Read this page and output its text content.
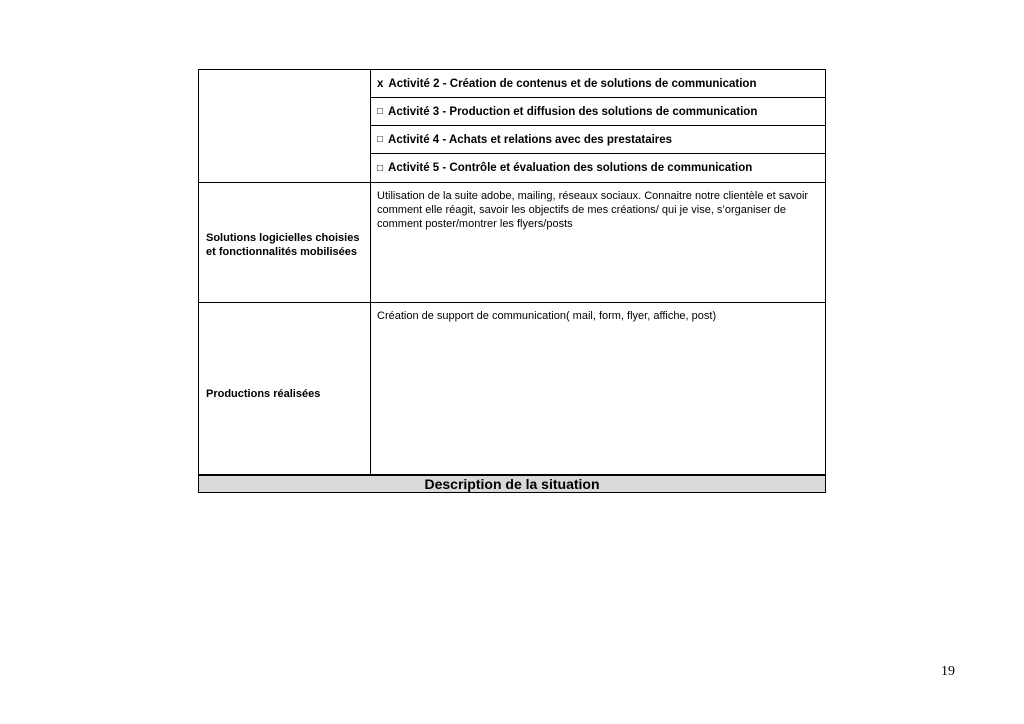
x Activité 2 - Création de contenus et de solutions de communication
□ Activité 3 - Production et diffusion des solutions de communication
□ Activité 4 - Achats et relations avec des prestataires
□ Activité 5 - Contrôle et évaluation des solutions de communication
Solutions logicielles choisies et fonctionnalités mobilisées
Utilisation de la suite adobe, mailing, réseaux sociaux. Connaitre notre clientèle et savoir comment elle réagit, savoir les objectifs de mes créations/ qui je vise, s’organiser de comment poster/montrer les flyers/posts
Productions réalisées
Création de support de communication( mail, form, flyer, affiche, post)
Description de la situation
19
